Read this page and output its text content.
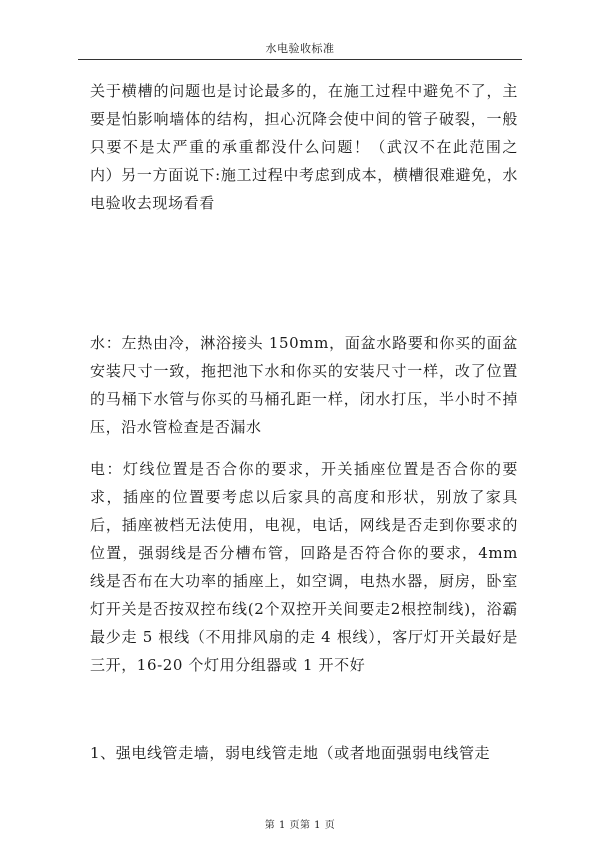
水电验收标准

关于横槽的问题也是讨论最多的，在施工过程中避免不了，主要是怕影响墙体的结构，担心沉降会使中间的管子破裂，一般只要不是太严重的承重都没什么问题！（武汉不在此范围之内）另一方面说下:施工过程中考虑到成本，横槽很难避免，水电验收去现场看看

水：左热由冷，淋浴接头 150mm，面盆水路要和你买的面盆安装尺寸一致，拖把池下水和你买的安装尺寸一样，改了位置的马桶下水管与你买的马桶孔距一样，闭水打压，半小时不掉压，沿水管检查是否漏水

电：灯线位置是否合你的要求，开关插座位置是否合你的要求，插座的位置要考虑以后家具的高度和形状，别放了家具后，插座被档无法使用，电视，电话，网线是否走到你要求的位置，强弱线是否分槽布管，回路是否符合你的要求，4mm 线是否布在大功率的插座上，如空调，电热水器，厨房，卧室灯开关是否按双控布线(2个双控开关间要走2根控制线)，浴霸最少走 5 根线（不用排风扇的走 4 根线），客厅灯开关最好是三开，16-20 个灯用分组器或 1 开不好

1、强电线管走墙，弱电线管走地（或者地面强弱电线管走

第 1 页第 1 页
